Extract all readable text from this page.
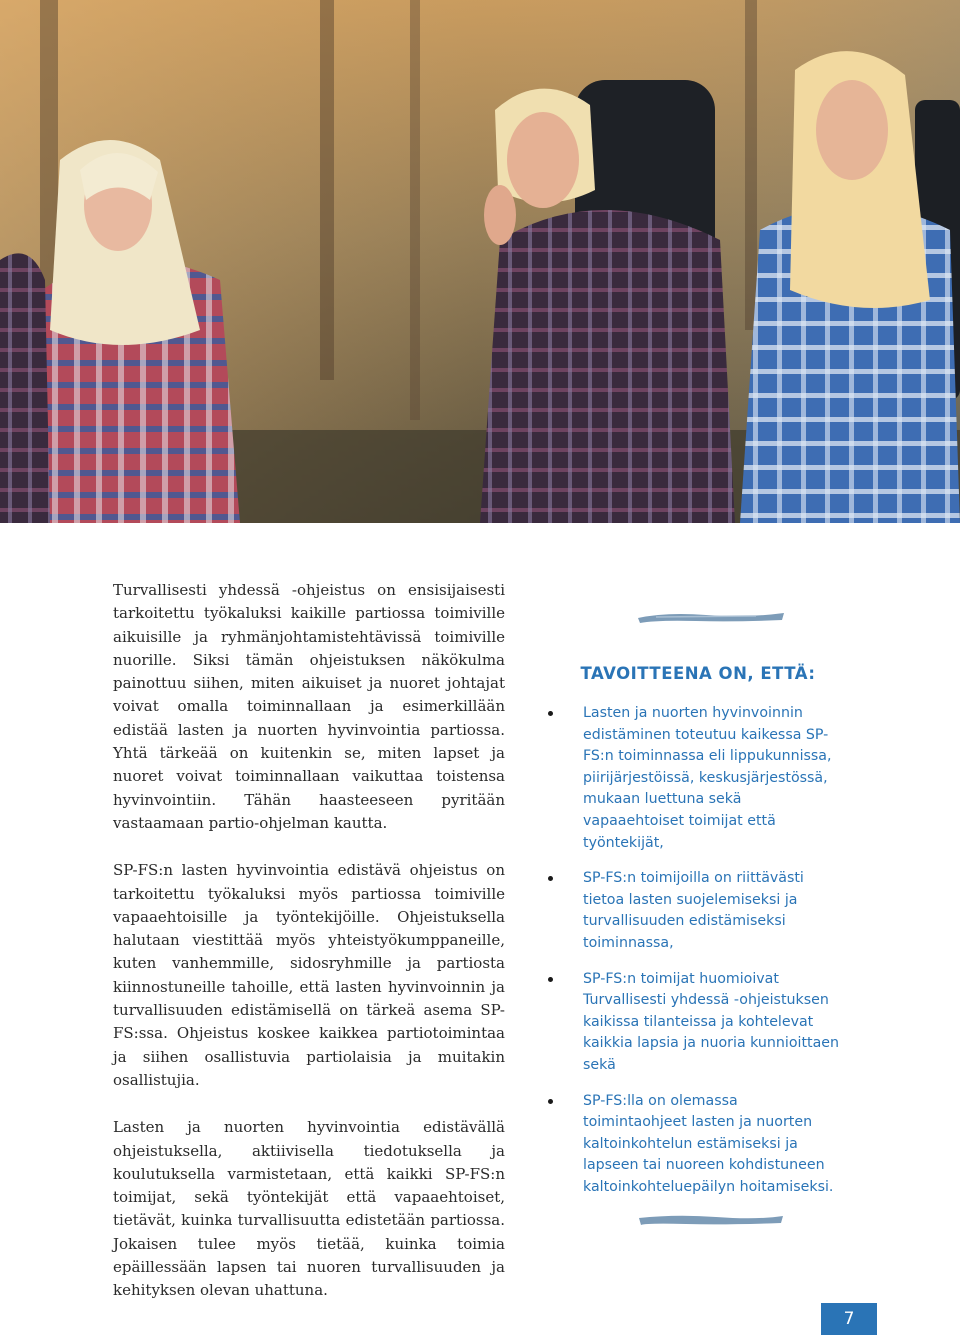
Turvallisesti yhdessä -ohjeistus on ensisijaisesti tarkoitettu työkaluksi kaikille partiossa toimiville aikuisille ja ryhmänjohtamistehtävissä toimiville nuorille. Siksi tämän ohjeistuksen näkökulma painottuu siihen, miten aikuiset ja nuoret johtajat voivat omalla toiminnallaan ja esimerkillään edistää lasten ja nuorten hyvinvointia partiossa. Yhtä tärkeää on kuitenkin se, miten lapset ja nuoret voivat toiminnallaan vaikuttaa toistensa hyvinvointiin. Tähän haasteeseen pyritään vastaamaan partio-ohjelman kautta.

SP-FS:n lasten hyvinvointia edistävä ohjeistus on tarkoitettu työkaluksi myös partiossa toimiville vapaaehtoisille ja työntekijöille. Ohjeistuksella halutaan viestittää myös yhteistyökumppaneille, kuten vanhemmille, sidosryhmille ja partiosta kiinnostuneille tahoille, että lasten hyvinvoinnin ja turvallisuuden edistämisellä on tärkeä asema SP-FS:ssa. Ohjeistus koskee kaikkea partiotoimintaa ja siihen osallistuvia partiolaisia ja muitakin osallistujia.

Lasten ja nuorten hyvinvointia edistävällä ohjeistuksella, aktiivisella tiedotuksella ja koulutuksella varmistetaan, että kaikki SP-FS:n toimijat, sekä työntekijät että vapaaehtoiset, tietävät, kuinka turvallisuutta edistetään partiossa. Jokaisen tulee myös tietää, kuinka toimia epäillessään lapsen tai nuoren turvallisuuden ja kehityksen olevan uhattuna.

TAVOITTEENA ON, ETTÄ:
Lasten ja nuorten hyvinvoinnin edistäminen toteutuu kaikessa SP-FS:n toiminnassa eli lippukunnissa, piirijärjestöissä, keskusjärjestössä, mukaan luettuna sekä vapaaehtoiset toimijat että työntekijät,
SP-FS:n toimijoilla on riittävästi tietoa lasten suojelemiseksi ja turvallisuuden edistämiseksi toiminnassa,
SP-FS:n toimijat huomioivat Turvallisesti yhdessä -ohjeistuksen kaikissa tilanteissa ja kohtelevat kaikkia lapsia ja nuoria kunnioittaen sekä
SP-FS:lla on olemassa toimintaohjeet lasten ja nuorten kaltoinkohtelun estämiseksi ja lapseen tai nuoreen kohdistuneen kaltoinkohteluepäilyn hoitamiseksi.
7
